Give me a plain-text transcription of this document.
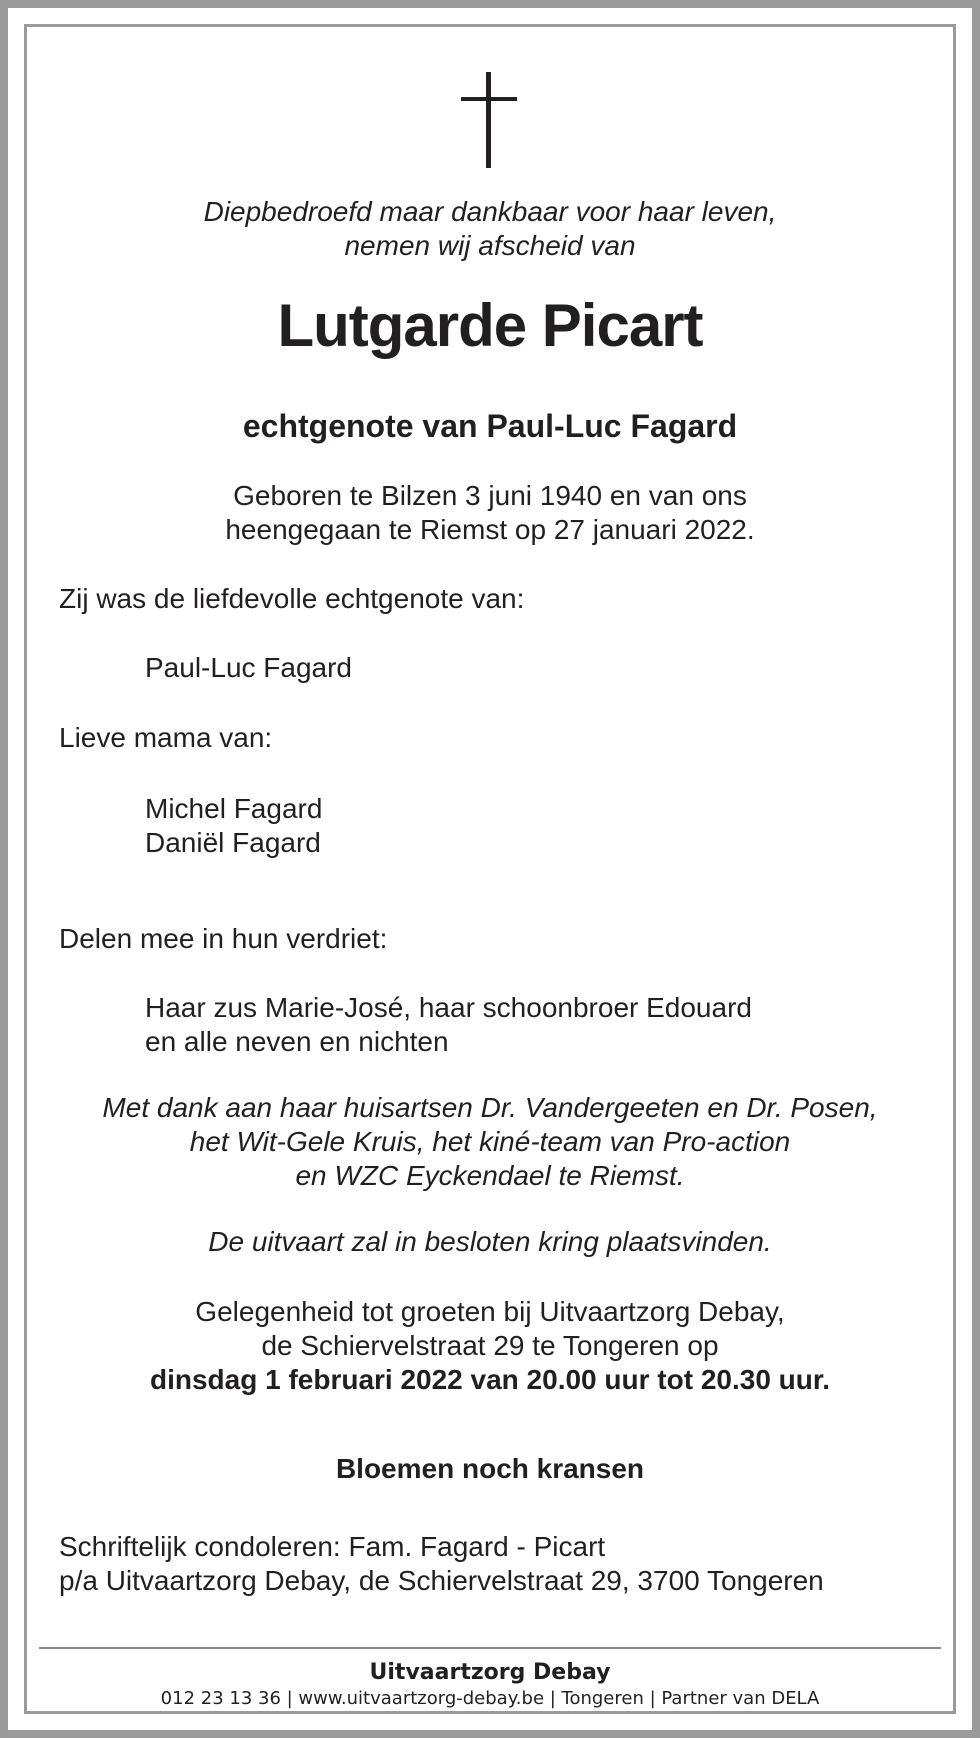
Diepbedroefd maar dankbaar voor haar leven,
nemen wij afscheid van
Lutgarde Picart
echtgenote van Paul-Luc Fagard
Geboren te Bilzen 3 juni 1940 en van ons
heengegaan te Riemst op 27 januari 2022.
Zij was de liefdevolle echtgenote van:
Paul-Luc Fagard
Lieve mama van:
Michel Fagard
Daniël Fagard
Delen mee in hun verdriet:
Haar zus Marie-José, haar schoonbroer Edouard
en alle neven en nichten
Met dank aan haar huisartsen Dr. Vandergeeten en Dr. Posen,
het Wit-Gele Kruis, het kiné-team van Pro-action
en WZC Eyckendael te Riemst.
De uitvaart zal in besloten kring plaatsvinden.
Gelegenheid tot groeten bij Uitvaartzorg Debay,
de Schiervelstraat 29 te Tongeren op
dinsdag 1 februari 2022 van 20.00 uur tot 20.30 uur.
Bloemen noch kransen
Schriftelijk condoleren: Fam. Fagard - Picart
p/a Uitvaartzorg Debay, de Schiervelstraat 29, 3700 Tongeren
Uitvaartzorg Debay
012 23 13 36 | www.uitvaartzorg-debay.be | Tongeren | Partner van DELA
